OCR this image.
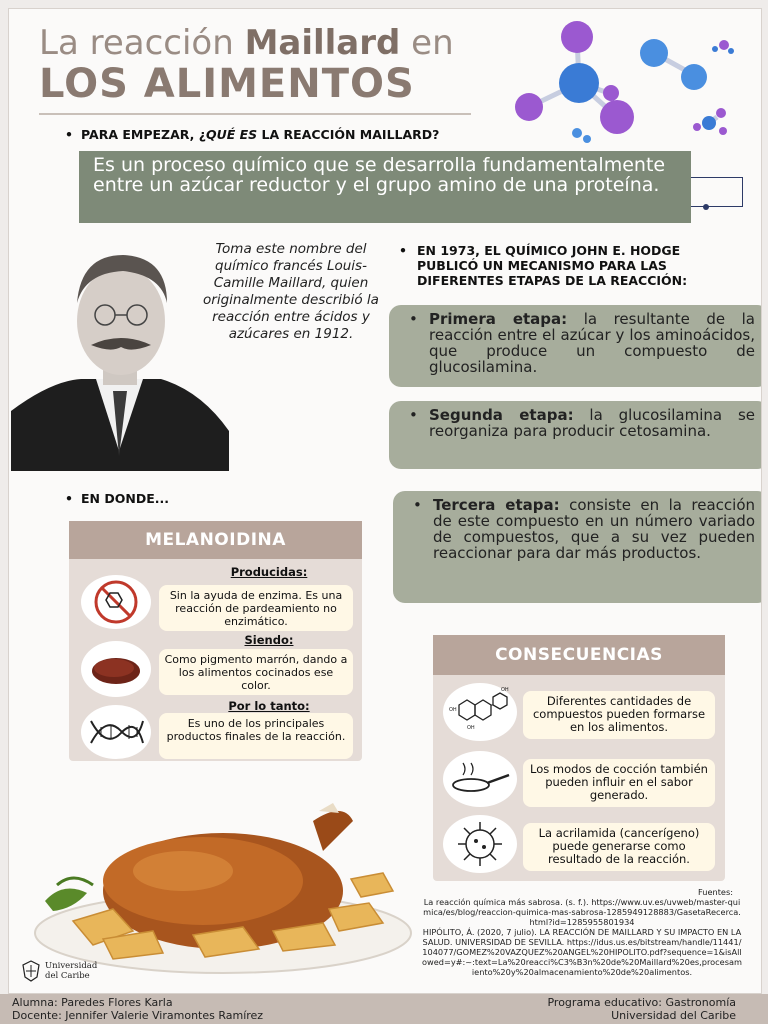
La reacción Maillard en
LOS ALIMENTOS
• PARA EMPEZAR, ¿QUÉ ES LA REACCIÓN MAILLARD?
Es un proceso químico que se desarrolla fundamentalmente entre un azúcar reductor y el grupo amino de una proteína.
Toma este nombre del químico francés Louis-Camille Maillard, quien originalmente describió la reacción entre ácidos y azúcares en 1912.
• EN 1973, EL QUÍMICO JOHN E. HODGE PUBLICÓ UN MECANISMO PARA LAS DIFERENTES ETAPAS DE LA REACCIÓN:
• Primera etapa: la resultante de la reacción entre el azúcar y los aminoácidos, que produce un compuesto de glucosilamina.
• Segunda etapa: la glucosilamina se reorganiza para producir cetosamina.
• Tercera etapa: consiste en la reacción de este compuesto en un número variado de compuestos, que a su vez pueden reaccionar para dar más productos.
• EN DONDE...
MELANOIDINA
Producidas:
Sin la ayuda de enzima. Es una reacción de pardeamiento no enzimático.
Siendo:
Como pigmento marrón, dando a los alimentos cocinados ese color.
Por lo tanto:
Es uno de los principales productos finales de la reacción.
CONSECUENCIAS
OH
OH
OH
Diferentes cantidades de compuestos pueden formarse en los alimentos.
Los modos de cocción también pueden influir en el sabor generado.
La acrilamida (cancerígeno) puede generarse como resultado de la reacción.
Fuentes:
La reacción química más sabrosa. (s. f.). https://www.uv.es/uvweb/master-quimica/es/blog/reaccion-quimica-mas-sabrosa-1285949128883/GasetaRecerca.html?id=1285955801934
HIPÓLITO, Á. (2020, 7 julio). LA REACCIÓN DE MAILLARD Y SU IMPACTO EN LA SALUD. UNIVERSIDAD DE SEVILLA. https://idus.us.es/bitstream/handle/11441/104077/GOMEZ%20VAZQUEZ%20ANGEL%20HIPOLITO.pdf?sequence=1&isAllowed=y#:~:text=La%20reacci%C3%B3n%20de%20Maillard%20es,procesamiento%20y%20almacenamiento%20de%20alimentos.
Universidad
del Caribe
Alumna: Paredes Flores Karla
Docente: Jennifer Valerie Viramontes Ramírez
Programa educativo: Gastronomía
Universidad del Caribe
